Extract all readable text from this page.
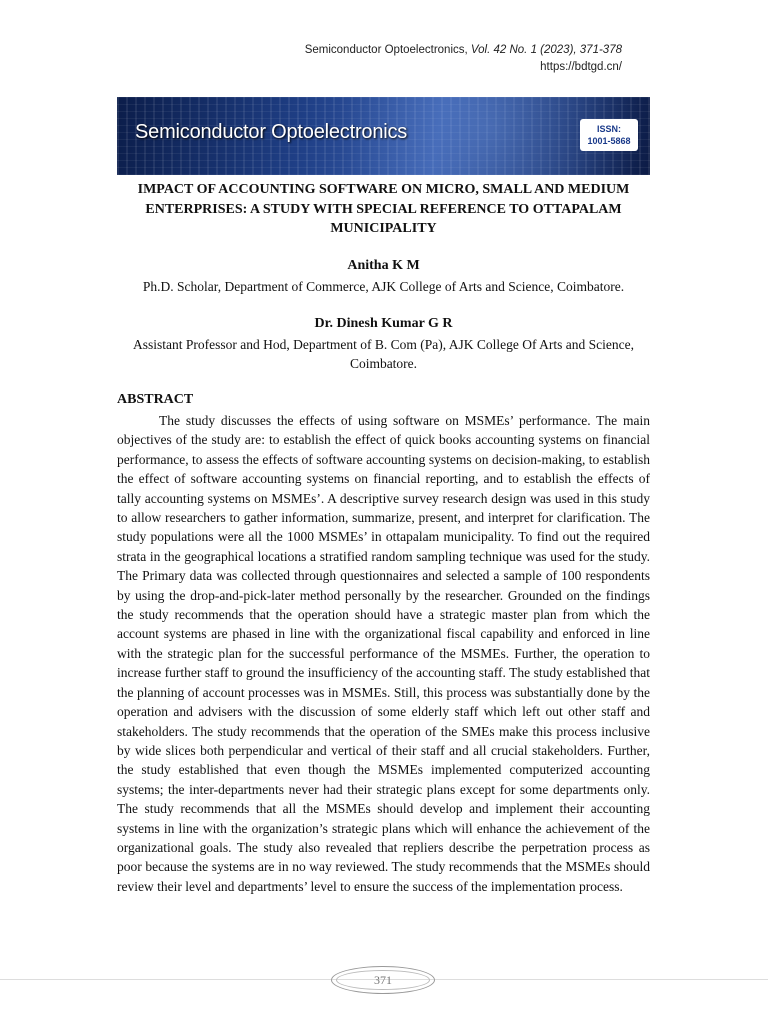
Semiconductor Optoelectronics, Vol. 42 No. 1 (2023), 371-378
https://bdtgd.cn/
Semiconductor Optoelectronics	ISSN:
1001-5868
IMPACT OF ACCOUNTING SOFTWARE ON MICRO, SMALL AND MEDIUM
ENTERPRISES: A STUDY WITH SPECIAL REFERENCE TO OTTAPALAM
MUNICIPALITY
Anitha K M
Ph.D. Scholar, Department of Commerce, AJK College of Arts and Science, Coimbatore.
Dr. Dinesh Kumar G R
Assistant Professor and Hod, Department of B. Com (Pa), AJK College Of Arts and Science, Coimbatore.
ABSTRACT

The study discusses the effects of using software on MSMEs’ performance. The main objectives of the study are: to establish the effect of quick books accounting systems on financial performance, to assess the effects of software accounting systems on decision-making, to establish the effect of software accounting systems on financial reporting, and to establish the effects of tally accounting systems on MSMEs’. A descriptive survey research design was used in this study to allow researchers to gather information, summarize, present, and interpret for clarification. The study populations were all the 1000 MSMEs’ in ottapalam municipality. To find out the required strata in the geographical locations a stratified random sampling technique was used for the study. The Primary data was collected through questionnaires and selected a sample of 100 respondents by using the drop-and-pick-later method personally by the researcher. Grounded on the findings the study recommends that the operation should have a strategic master plan from which the account systems are phased in line with the organizational fiscal capability and enforced in line with the strategic plan for the successful performance of the MSMEs. Further, the operation to increase further staff to ground the insufficiency of the accounting staff. The study established that the planning of account processes was in MSMEs. Still, this process was substantially done by the operation and advisers with the discussion of some elderly staff which left out other staff and stakeholders. The study recommends that the operation of the SMEs make this process inclusive by wide slices both perpendicular and vertical of their staff and all crucial stakeholders. Further, the study established that even though the MSMEs implemented computerized accounting systems; the inter-departments never had their strategic plans except for some departments only. The study recommends that all the MSMEs should develop and implement their accounting systems in line with the organization’s strategic plans which will enhance the achievement of the organizational goals. The study also revealed that repliers describe the perpetration process as poor because the systems are in no way reviewed. The study recommends that the MSMEs should review their level and departments’ level to ensure the success of the implementation process.

371
